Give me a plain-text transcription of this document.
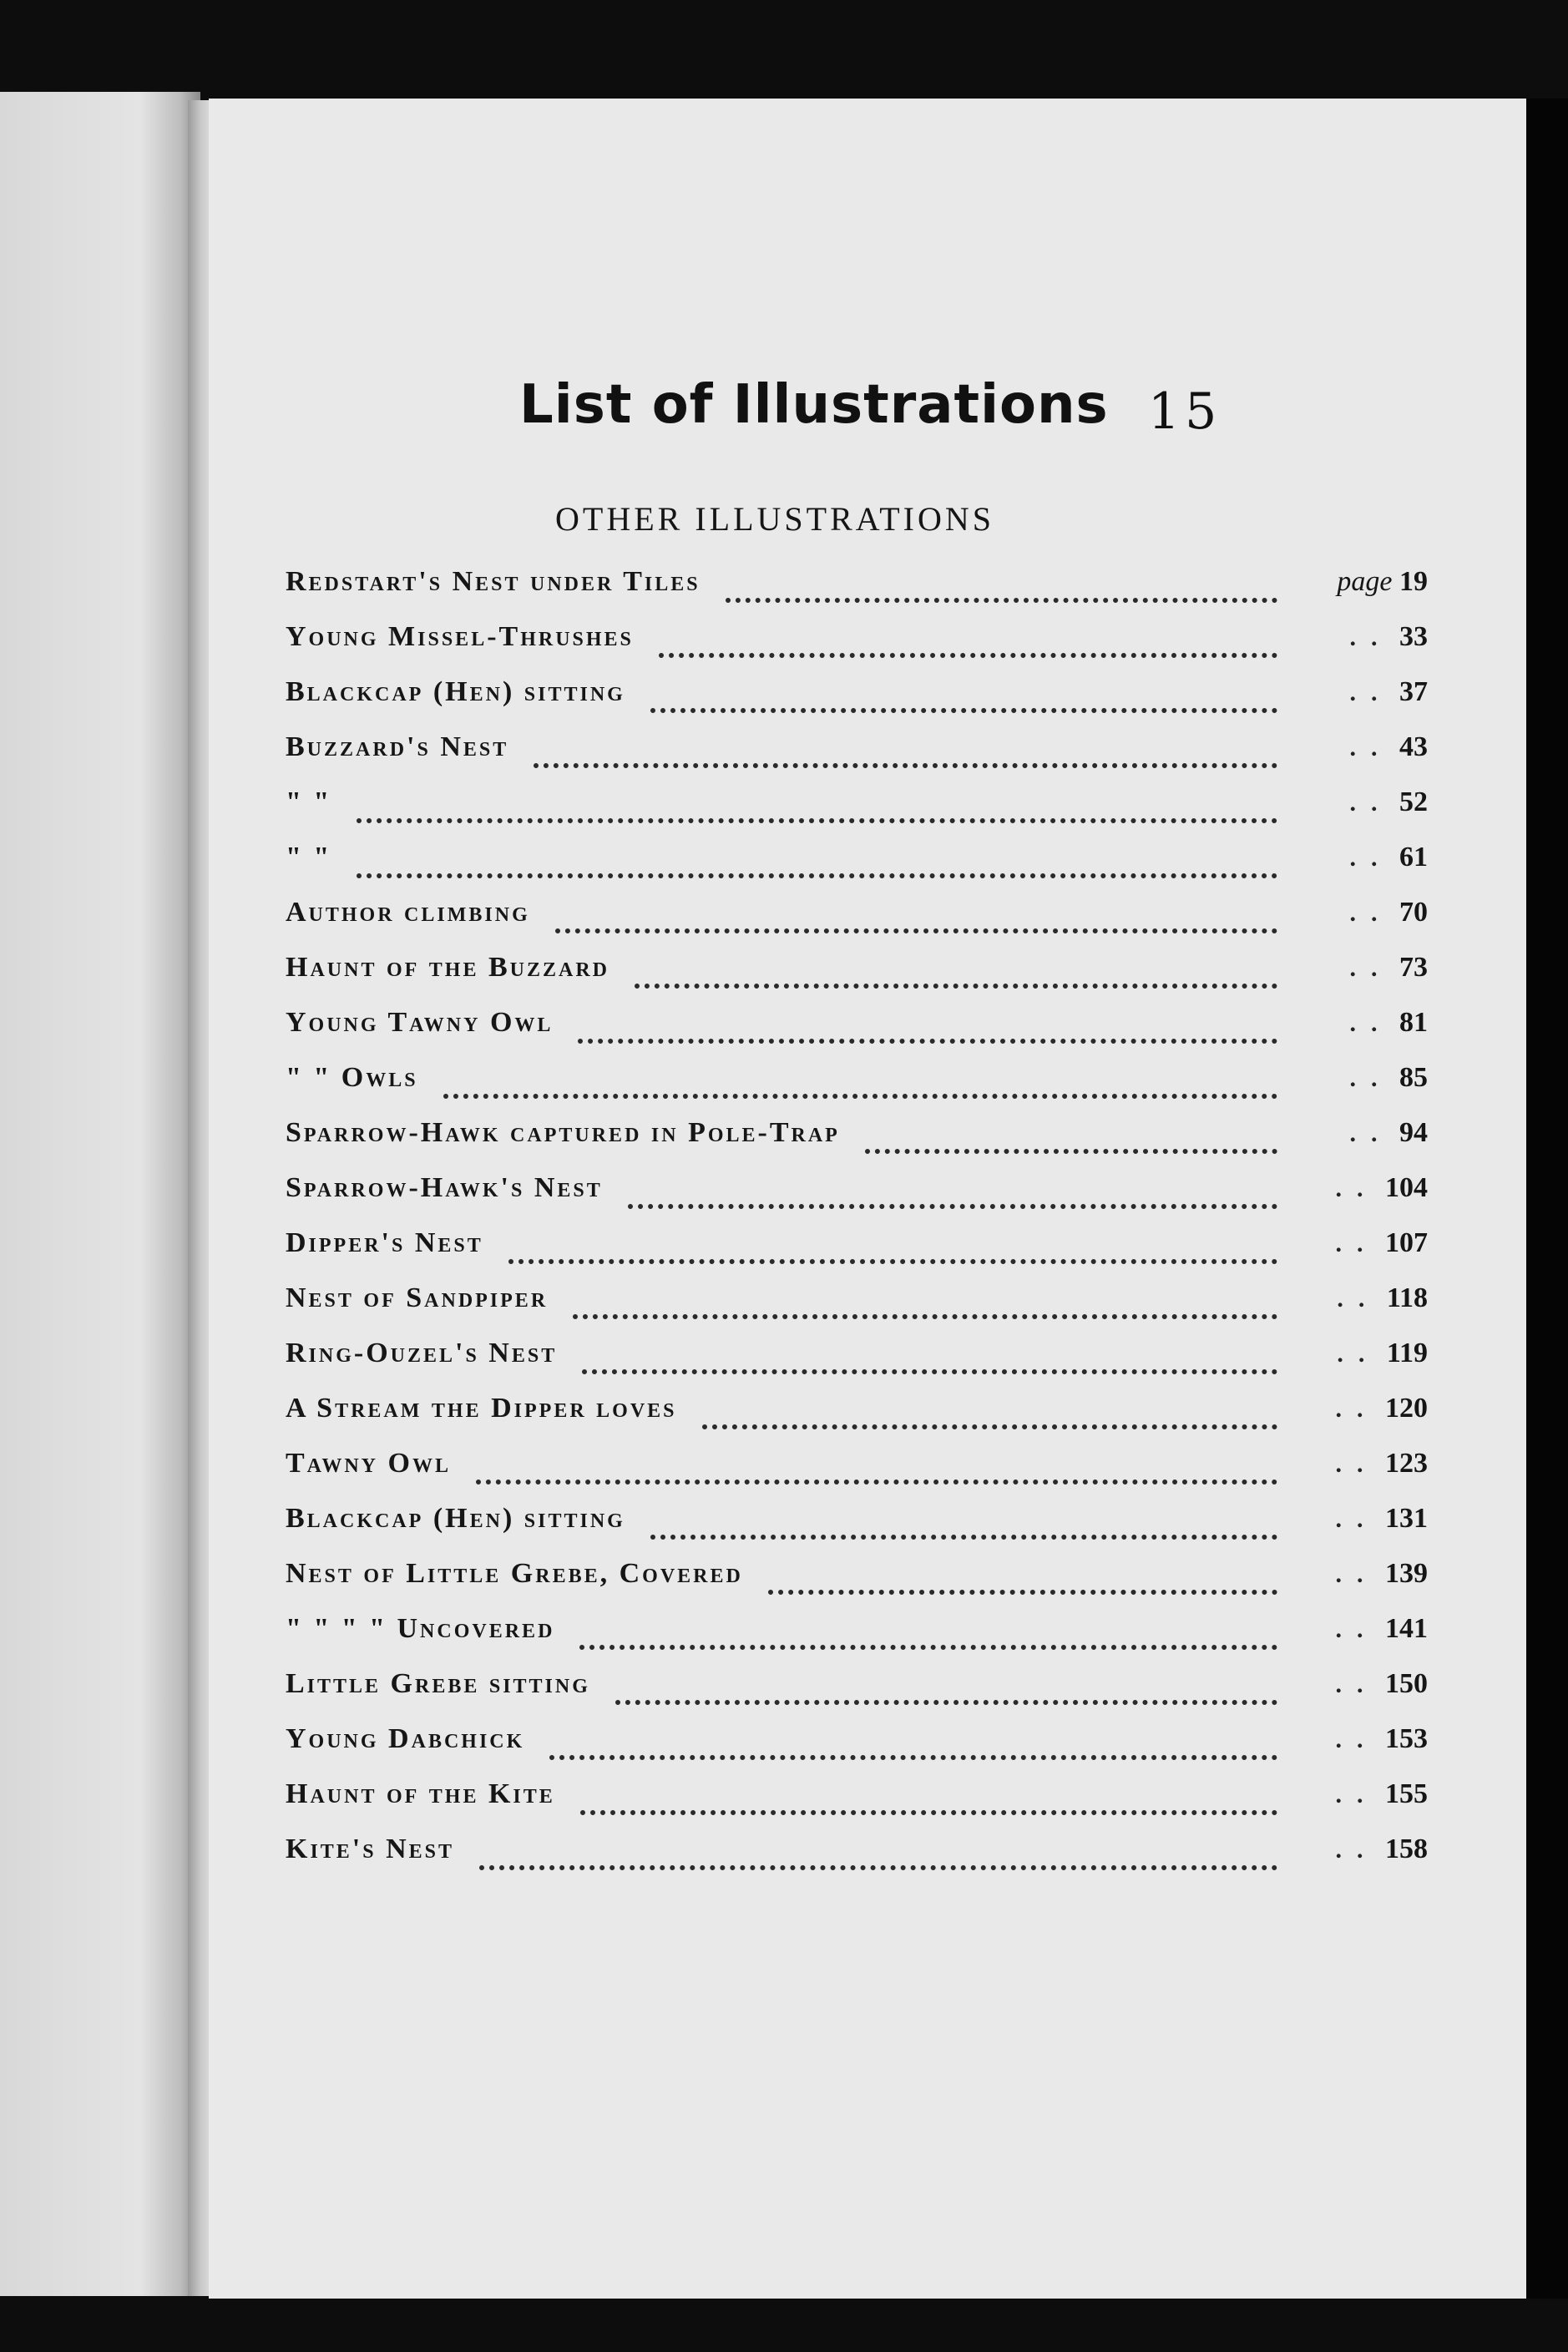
List of Illustrations 15
OTHER ILLUSTRATIONS
Redstart's Nest under Tiles	page 19
Young Missel-Thrushes	.. 33
Blackcap (Hen) sitting	.. 37
Buzzard's Nest	.. 43
" "	.. 52
" "	.. 61
Author climbing	.. 70
Haunt of the Buzzard	.. 73
Young Tawny Owl	.. 81
" " Owls	.. 85
Sparrow-Hawk captured in Pole-Trap	.. 94
Sparrow-Hawk's Nest	.. 104
Dipper's Nest	.. 107
Nest of Sandpiper	.. 118
Ring-Ouzel's Nest	.. 119
A Stream the Dipper loves	.. 120
Tawny Owl	.. 123
Blackcap (Hen) sitting	.. 131
Nest of Little Grebe, Covered	.. 139
" " " " Uncovered	.. 141
Little Grebe sitting	.. 150
Young Dabchick	.. 153
Haunt of the Kite	.. 155
Kite's Nest	.. 158
